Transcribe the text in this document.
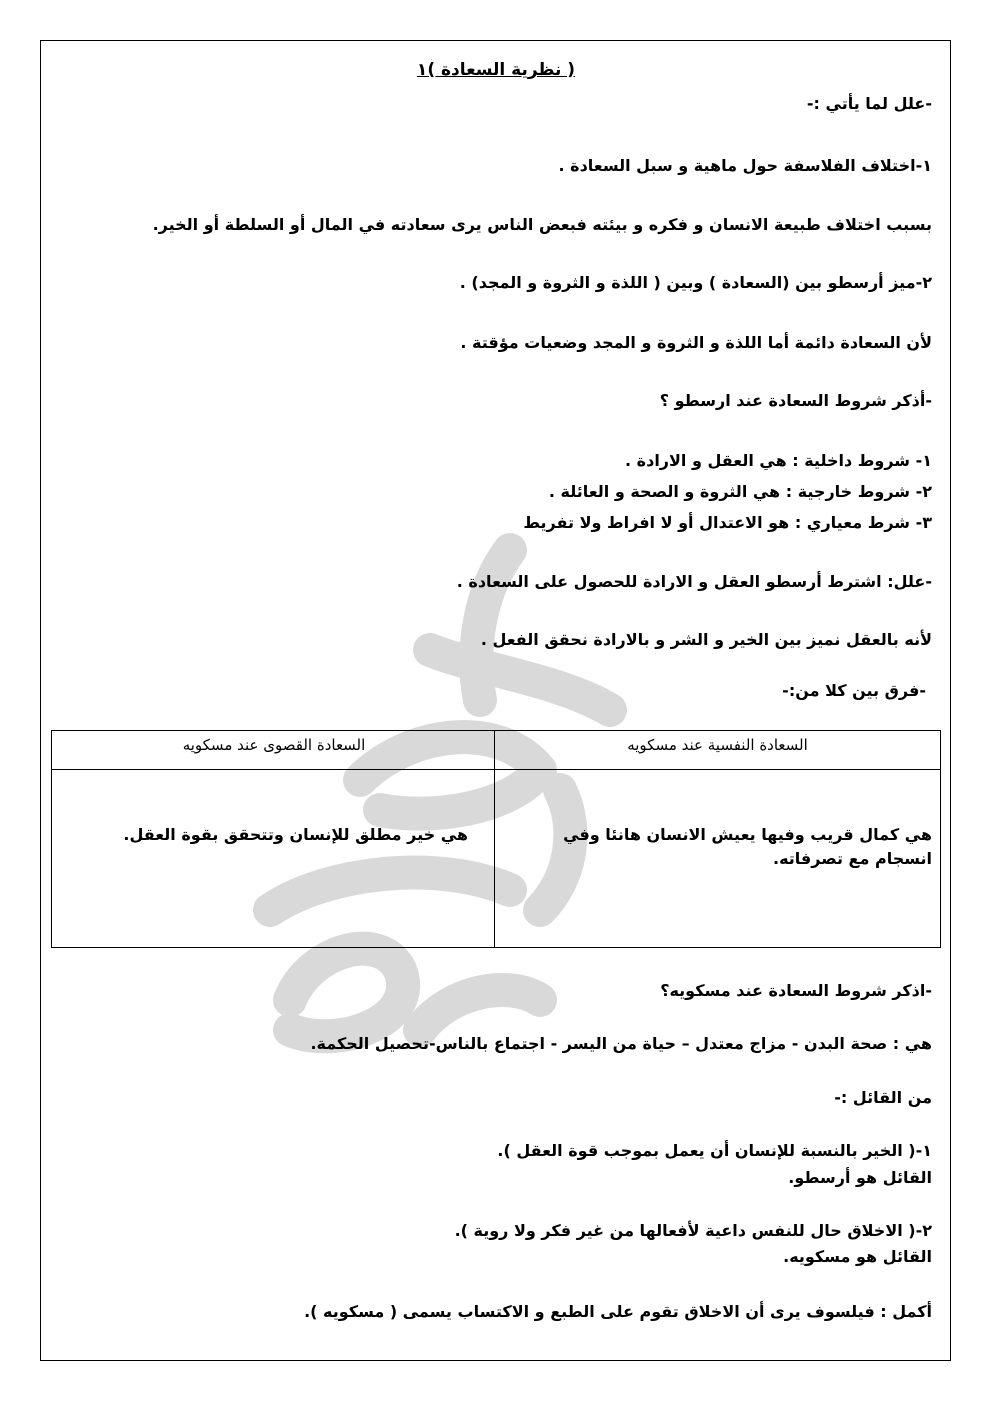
( نظرية السعادة )١
-علل لما يأتي :-
١-اختلاف الفلاسفة حول ماهية و سبل السعادة .
بسبب اختلاف طبيعة الانسان و فكره و بيئته فبعض الناس يرى سعادته في المال أو السلطة أو الخير.
٢-ميز أرسطو بين (السعادة ) وبين ( اللذة و الثروة و المجد) .
لأن السعادة دائمة أما اللذة و الثروة و المجد وضعيات مؤقتة .
-أذكر شروط السعادة عند ارسطو ؟
١- شروط داخلية : هي العقل و الارادة .
٢- شروط خارجية : هي الثروة و الصحة و العائلة .
٣- شرط معياري : هو الاعتدال أو لا افراط ولا تفريط
-علل: اشترط أرسطو العقل و الارادة للحصول على السعادة .
لأنه بالعقل نميز بين الخير و الشر و بالارادة نحقق الفعل .
-فرق بين كلا من:-
السعادة النفسية عند مسكويه
هي كمال قريب وفيها يعيش الانسان هانئا وفي انسجام مع تصرفاته.
السعادة القصوى عند مسكويه
هي خير مطلق للإنسان وتتحقق بقوة العقل.
-اذكر شروط السعادة عند مسكويه؟
هي : صحة البدن - مزاج معتدل – حياة من اليسر - اجتماع بالناس-تحصيل الحكمة.
من القائل :-
١-( الخير بالنسبة للإنسان أن يعمل بموجب قوة العقل ).
القائل هو أرسطو.
٢-( الاخلاق حال للنفس داعية لأفعالها من غير فكر ولا روية ).
القائل هو مسكويه.
أكمل : فيلسوف يرى أن الاخلاق تقوم على الطبع و الاكتساب يسمى ( مسكويه ).
